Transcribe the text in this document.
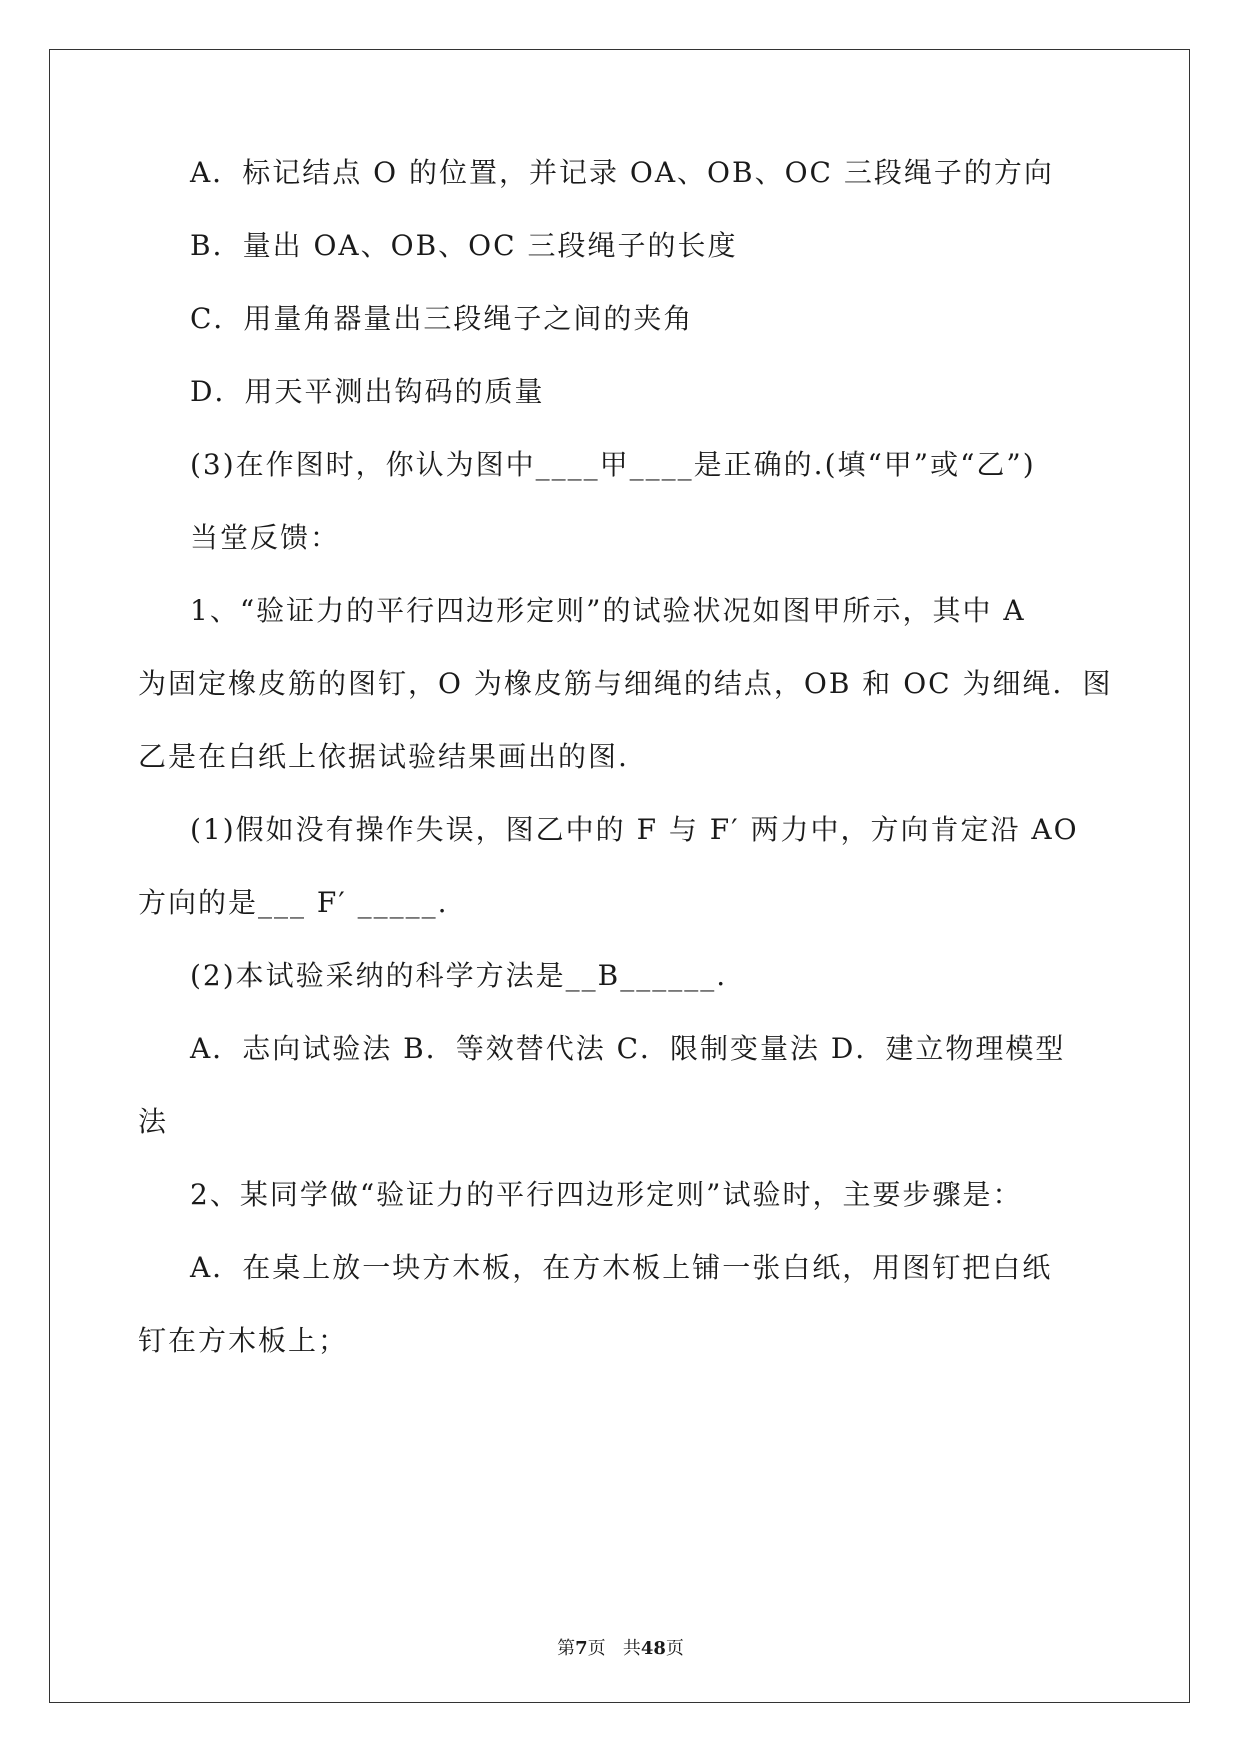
A．标记结点 O 的位置，并记录 OA、OB、OC 三段绳子的方向
B．量出 OA、OB、OC 三段绳子的长度
C．用量角器量出三段绳子之间的夹角
D．用天平测出钩码的质量
(3)在作图时，你认为图中____甲____是正确的.(填“甲”或“乙”)
当堂反馈：
1、“验证力的平行四边形定则”的试验状况如图甲所示，其中 A
为固定橡皮筋的图钉，O 为橡皮筋与细绳的结点，OB 和 OC 为细绳．图
乙是在白纸上依据试验结果画出的图.
(1)假如没有操作失误，图乙中的 F 与 F′ 两力中，方向肯定沿 AO
方向的是___ F′ _____.
(2)本试验采纳的科学方法是__B______.
A．志向试验法 B．等效替代法 C．限制变量法 D．建立物理模型
法
2、某同学做“验证力的平行四边形定则”试验时，主要步骤是：
A．在桌上放一块方木板，在方木板上铺一张白纸，用图钉把白纸
钉在方木板上；
第7页 共48页
